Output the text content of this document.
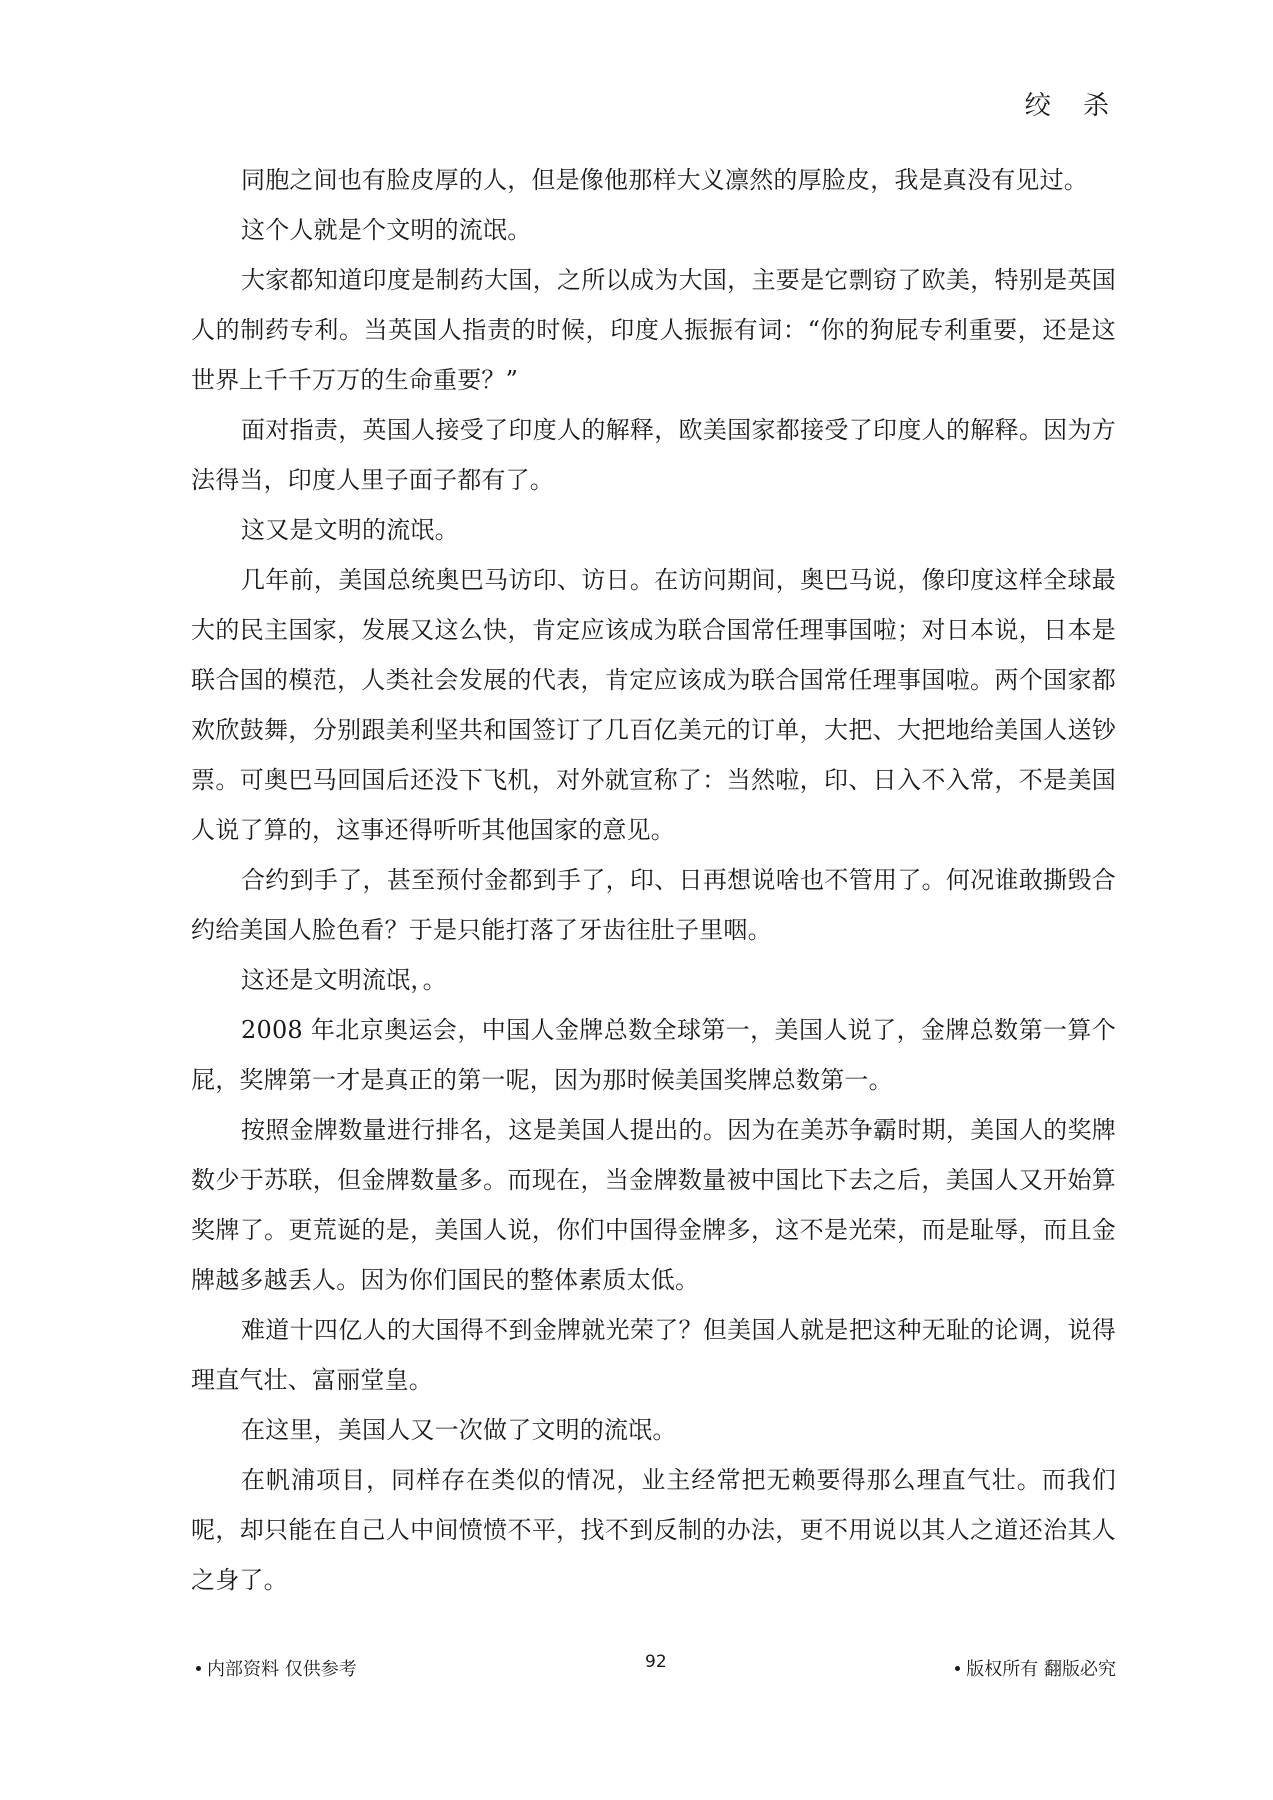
绞 杀

同胞之间也有脸皮厚的人，但是像他那样大义凛然的厚脸皮，我是真没有见过。

这个人就是个文明的流氓。

大家都知道印度是制药大国，之所以成为大国，主要是它剽窃了欧美，特别是英国人的制药专利。当英国人指责的时候，印度人振振有词：“你的狗屁专利重要，还是这世界上千千万万的生命重要？”

面对指责，英国人接受了印度人的解释，欧美国家都接受了印度人的解释。因为方法得当，印度人里子面子都有了。

这又是文明的流氓。

几年前，美国总统奥巴马访印、访日。在访问期间，奥巴马说，像印度这样全球最大的民主国家，发展又这么快，肯定应该成为联合国常任理事国啦；对日本说，日本是联合国的模范，人类社会发展的代表，肯定应该成为联合国常任理事国啦。两个国家都欢欣鼓舞，分别跟美利坚共和国签订了几百亿美元的订单，大把、大把地给美国人送钞票。可奥巴马回国后还没下飞机，对外就宣称了：当然啦，印、日入不入常，不是美国人说了算的，这事还得听听其他国家的意见。

合约到手了，甚至预付金都到手了，印、日再想说啥也不管用了。何况谁敢撕毁合约给美国人脸色看？于是只能打落了牙齿往肚子里咽。

这还是文明流氓，。

2008 年北京奥运会，中国人金牌总数全球第一，美国人说了，金牌总数第一算个屁，奖牌第一才是真正的第一呢，因为那时候美国奖牌总数第一。

按照金牌数量进行排名，这是美国人提出的。因为在美苏争霸时期，美国人的奖牌数少于苏联，但金牌数量多。而现在，当金牌数量被中国比下去之后，美国人又开始算奖牌了。更荒诞的是，美国人说，你们中国得金牌多，这不是光荣，而是耻辱，而且金牌越多越丢人。因为你们国民的整体素质太低。

难道十四亿人的大国得不到金牌就光荣了？但美国人就是把这种无耻的论调，说得理直气壮、富丽堂皇。

在这里，美国人又一次做了文明的流氓。

在帆浦项目，同样存在类似的情况，业主经常把无赖要得那么理直气壮。而我们呢，却只能在自己人中间愤愤不平，找不到反制的办法，更不用说以其人之道还治其人之身了。

内部资料 仅供参考	92	版权所有 翻版必究
